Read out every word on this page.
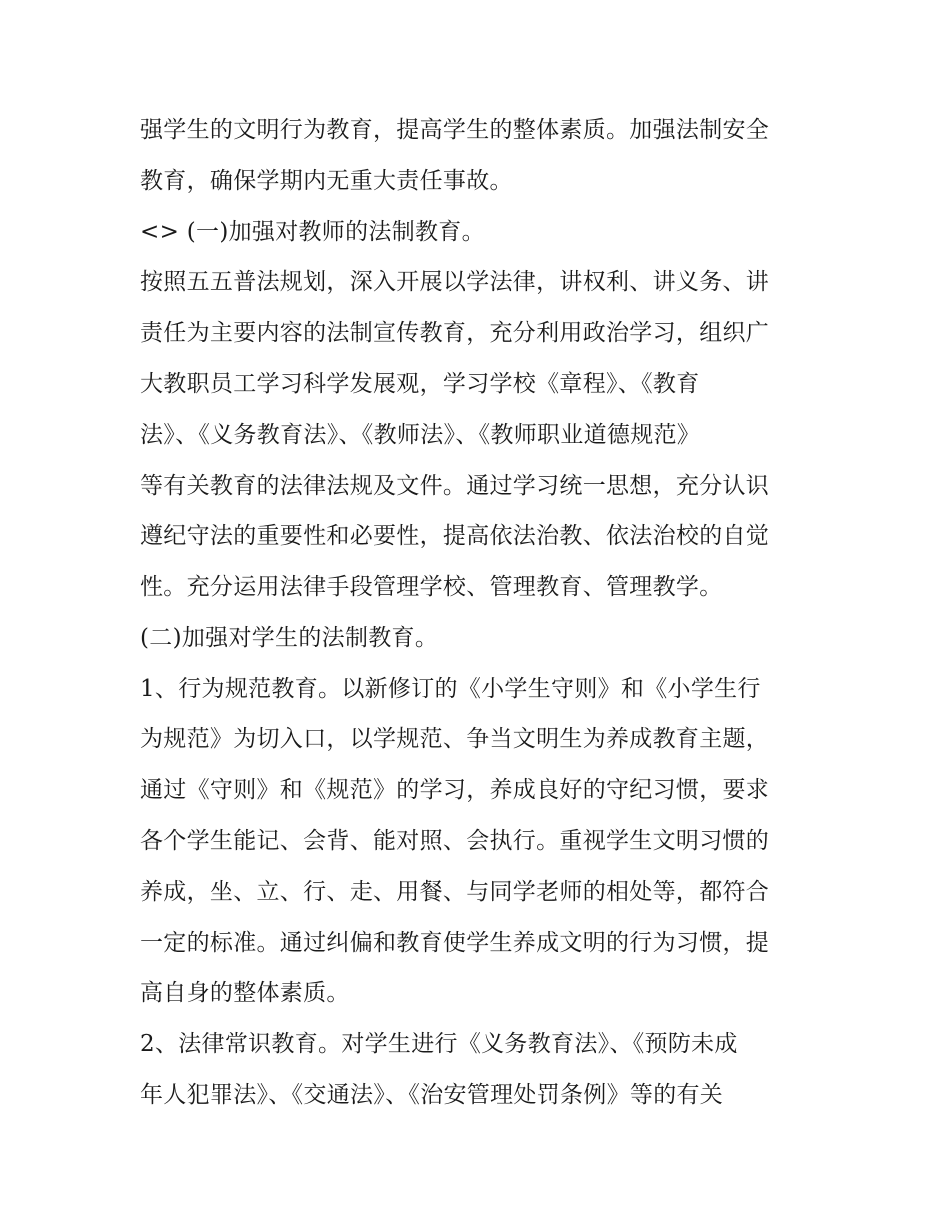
强学生的文明行为教育，提高学生的整体素质。加强法制安全
教育，确保学期内无重大责任事故。
<> (一)加强对教师的法制教育。
按照五五普法规划，深入开展以学法律，讲权利、讲义务、讲
责任为主要内容的法制宣传教育，充分利用政治学习，组织广
大教职员工学习科学发展观，学习学校《章程》、《教育
法》、《义务教育法》、《教师法》、《教师职业道德规范》
等有关教育的法律法规及文件。通过学习统一思想，充分认识
遵纪守法的重要性和必要性，提高依法治教、依法治校的自觉
性。充分运用法律手段管理学校、管理教育、管理教学。
(二)加强对学生的法制教育。
1、行为规范教育。以新修订的《小学生守则》和《小学生行
为规范》为切入口，以学规范、争当文明生为养成教育主题，
通过《守则》和《规范》的学习，养成良好的守纪习惯，要求
各个学生能记、会背、能对照、会执行。重视学生文明习惯的
养成，坐、立、行、走、用餐、与同学老师的相处等，都符合
一定的标准。通过纠偏和教育使学生养成文明的行为习惯，提
高自身的整体素质。
2、法律常识教育。对学生进行《义务教育法》、《预防未成
年人犯罪法》、《交通法》、《治安管理处罚条例》等的有关
